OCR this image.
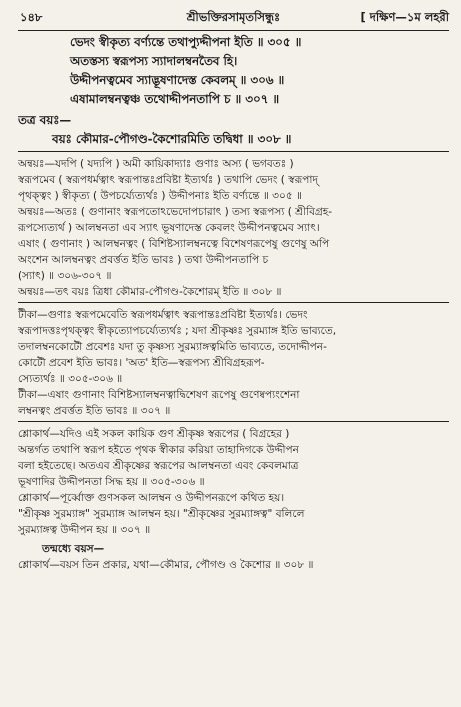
১৪৮	শ্রীভক্তিরসামৃতসিন্ধুঃ	[ দক্ষিণ—১ম লহরী

ভেদং স্বীকৃত্য বর্ণ্যন্তে তথাপ্যুদ্দীপনা ইতি ॥ ৩০৫ ॥

অতস্তস্য স্বরূপস্য স্যাদালম্বনতৈব হি।

উদ্দীপনত্বমেব স্যাদ্ভূষণাদেস্ত কেবলম্ ॥ ৩০৬ ॥

এষামালম্বনত্বঞ্চ তথোদ্দীপনতাপি চ ॥ ৩০৭ ॥

তত্র বয়ঃ—

বয়ঃ কৌমার-পৌগণ্ড-কৈশোরমিতি তদ্বিধা ॥ ৩০৮ ॥

অন্বয়ঃ—যদপি ( যদ্যপি ) অমী কায়িকাদ্যাঃ গুণাঃ অস্য ( ভগবতঃ )

স্বরূপমেব ( স্বরূপধর্মত্বাৎ স্বরূপান্তঃপ্রবিষ্টা ইত্যর্থঃ ) তথাপি ভেদং ( স্বরূপাদ্

পৃথক্ত্বং ) স্বীকৃত্য ( উপচর্য্যেত্যর্থঃ ) উদ্দীপনাঃ ইতি বর্ণ্যন্তে ॥ ৩০৫ ॥

অন্বয়ঃ—অতঃ ( গুণানাং স্বরূপতোঽভেদোপচারাৎ ) তস্য স্বরূপস্য ( শ্রীবিগ্রহ-

রূপস্যেত্যর্থ ) আলম্বনতা এব স্যাৎ ভূষণাদেস্ত কেবলং উদ্দীপনত্বমেব স্যাৎ।

এষাং ( গুণানাং ) আলম্বনত্বং ( বিশিষ্টস্যালম্বনত্বে বিশেষণরূপেষু গুণেষু অপি

অংশেন আলম্বনত্বং প্রবর্ত্তত ইতি ভাবঃ ) তথা উদ্দীপনতাপি চ

(স্যাৎ) ॥ ৩০৬-৩০৭ ॥

অন্বয়ঃ—তৎ বয়ঃ ত্রিধা কৌমার-পৌগণ্ড-কৈশোরম্ ইতি ॥ ৩০৮ ॥

টীকা—গুণাঃ স্বরূপমেবেতি স্বরূপধর্মত্বাৎ স্বরূপান্তঃপ্রবিষ্টা ইত্যর্থঃ। ভেদং

স্বরূপাদত্তঃপৃথক্ত্বং স্বীকৃত্যোপচর্য্যেত্যর্থঃ ; যদা শ্রীকৃষ্ণঃ সুরম্যাঙ্গ ইতি ভাব্যতে,

তদালম্বনকোটৌ প্রবেশঃ যদা তু কৃষ্ণস্য সুরম্যাঙ্গত্বমিতি ভাব্যতে, তদোদ্দীপন-

কোটৌ প্রবেশ ইতি ভাবঃ। 'অত' ইতি—স্বরূপস্য শ্রীবিগ্রহরূপ-

স্যেত্যর্থঃ ॥ ৩০৫-৩০৬ ॥

টীকা—এষাং গুণানাং বিশিষ্টস্যালম্বনত্বাদ্বিশেষণ রূপেষু গুণেষ্বপ্যংশেনা

লম্বনত্বং প্রবর্ত্তত ইতি ভাবঃ ॥ ৩০৭ ॥

শ্লোকার্থ—যদিও এই সকল কায়িক গুণ শ্রীকৃষ্ণ স্বরূপের ( বিগ্রহের )

অন্তর্গত তথাপি স্বরূপ হইতে পৃথক স্বীকার করিয়া তাহাদিগকে উদ্দীপন

বলা হইতেছে। অতএব শ্রীকৃষ্ণের স্বরূপের আলম্বনতা এবং কেবলমাত্র

ভূষণাদির উদ্দীপনতা সিদ্ধ হয় ॥ ৩০৫-৩০৬ ॥

শ্লোকার্থ—পূর্ব্বোক্ত গুণসকল আলম্বন ও উদ্দীপনরূপে কথিত হয়।

"শ্রীকৃষ্ণ সুরম্যাঙ্গ" সুরম্যাঙ্গ আলম্বন হয়। "শ্রীকৃষ্ণের সুরম্যাঙ্গত্ব" বলিলে

সুরম্যাঙ্গত্ব উদ্দীপন হয় ॥ ৩০৭ ॥

তন্মধ্যে বয়স—

শ্লোকার্থ—বয়স তিন প্রকার, যথা—কৌমার, পৌগণ্ড ও কৈশোর ॥ ৩০৮ ॥
